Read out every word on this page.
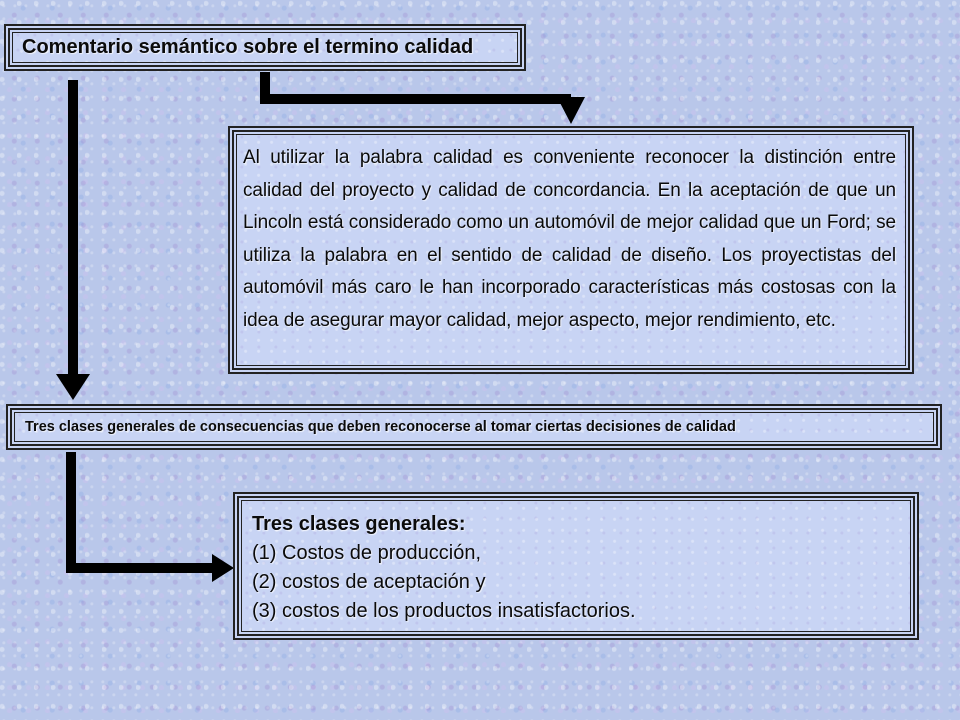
Comentario semántico sobre el termino calidad

Al utilizar la palabra calidad es conveniente reconocer la distinción entre calidad del proyecto y calidad de concordancia. En la aceptación de que un Lincoln está considerado como un automóvil de mejor calidad que un Ford; se utiliza la palabra en el sentido de calidad de diseño. Los proyectistas del automóvil más caro le han incorporado características más costosas con la idea de asegurar mayor calidad, mejor aspecto, mejor rendimiento, etc.

Tres clases generales de consecuencias que deben reconocerse al tomar ciertas decisiones de calidad
Tres clases generales:
(1) Costos de producción,
(2) costos de aceptación y
(3) costos de los productos insatisfactorios.
